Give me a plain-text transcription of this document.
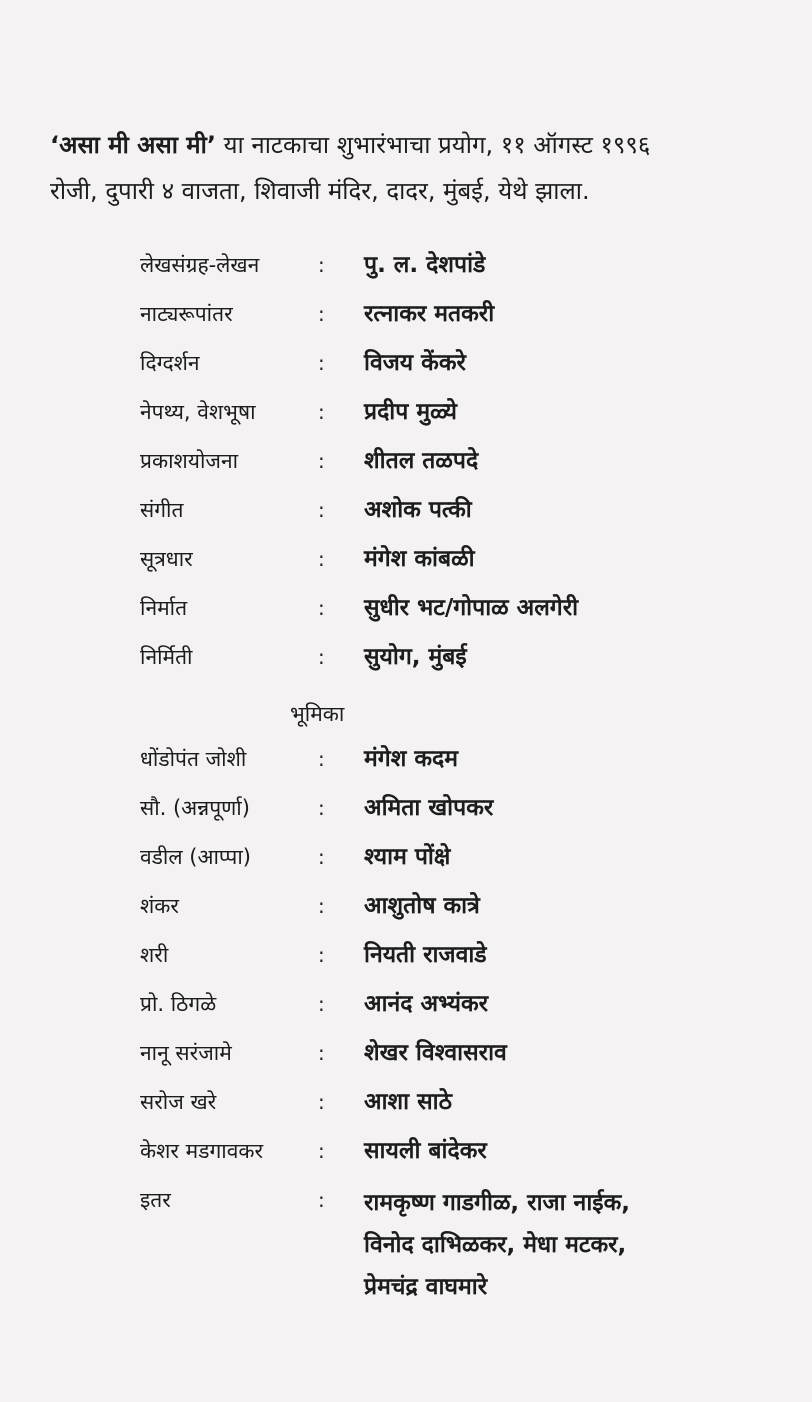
‘असा मी असा मी’ या नाटकाचा शुभारंभाचा प्रयोग, ११ ऑगस्ट १९९६
रोजी, दुपारी ४ वाजता, शिवाजी मंदिर, दादर, मुंबई, येथे झाला.

लेखसंग्रह-लेखन	: पु. ल. देशपांडे
नाट्यरूपांतर	: रत्नाकर मतकरी
दिग्दर्शन	: विजय केंकरे
नेपथ्य, वेशभूषा	: प्रदीप मुळ्ये
प्रकाशयोजना	: शीतल तळपदे
संगीत	: अशोक पत्की
सूत्रधार	: मंगेश कांबळी
निर्मात	: सुधीर भट/गोपाळ अलगेरी
निर्मिती	: सुयोग, मुंबई
भूमिका
धोंडोपंत जोशी	: मंगेश कदम
सौ. (अन्नपूर्णा)	: अमिता खोपकर
वडील (आप्पा)	: श्याम पोंक्षे
शंकर	: आशुतोष कात्रे
शरी	: नियती राजवाडे
प्रो. ठिगळे	: आनंद अभ्यंकर
नानू सरंजामे	: शेखर विश्वासराव
सरोज खरे	: आशा साठे
केशर मडगावकर	: सायली बांदेकर
इतर	: रामकृष्ण गाडगीळ, राजा नाईक,
विनोद दाभिळकर, मेधा मटकर,
प्रेमचंद्र वाघमारे
